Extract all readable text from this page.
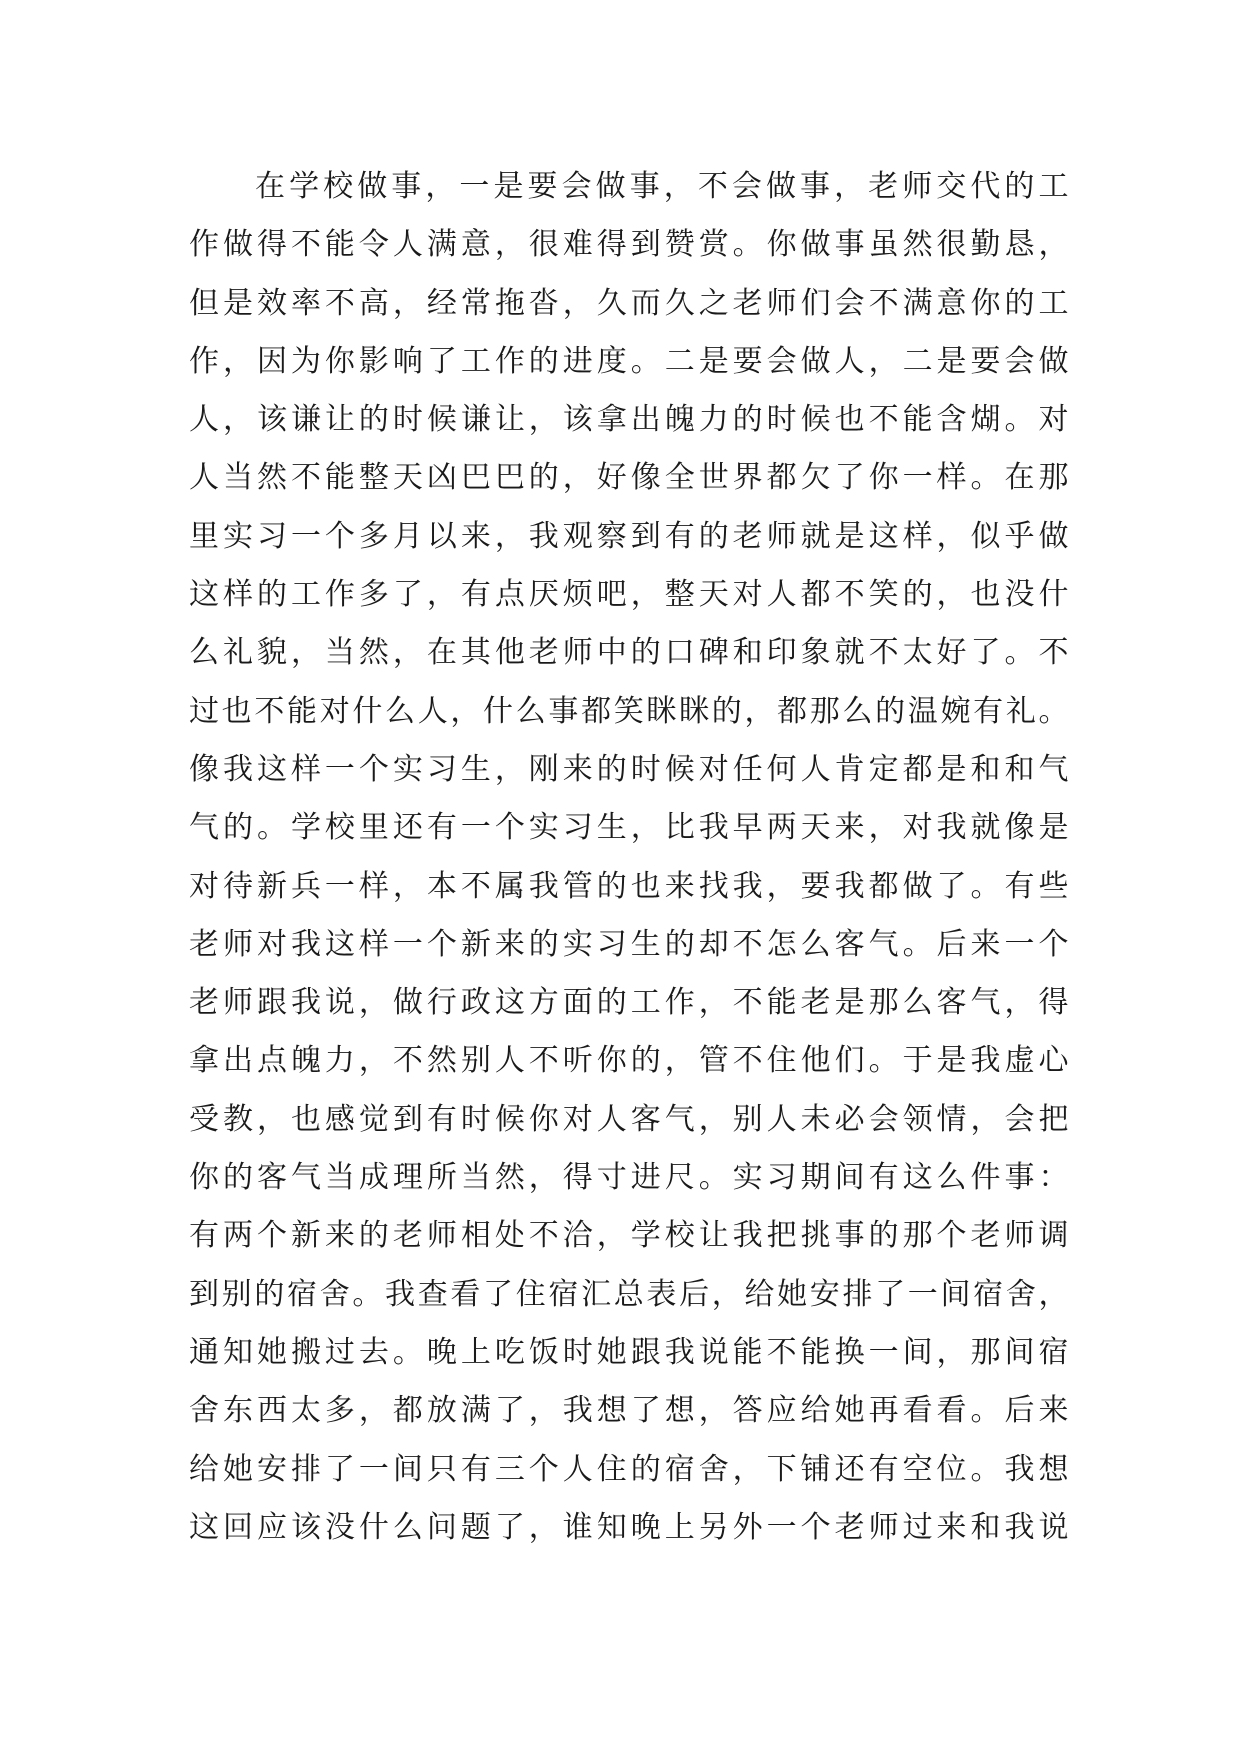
在学校做事，一是要会做事，不会做事，老师交代的工
作做得不能令人满意，很难得到赞赏。你做事虽然很勤恳，
但是效率不高，经常拖沓，久而久之老师们会不满意你的工
作，因为你影响了工作的进度。二是要会做人，二是要会做
人，该谦让的时候谦让，该拿出魄力的时候也不能含煳。对
人当然不能整天凶巴巴的，好像全世界都欠了你一样。在那
里实习一个多月以来，我观察到有的老师就是这样，似乎做
这样的工作多了，有点厌烦吧，整天对人都不笑的，也没什
么礼貌，当然，在其他老师中的口碑和印象就不太好了。不
过也不能对什么人，什么事都笑眯眯的，都那么的温婉有礼。
像我这样一个实习生，刚来的时候对任何人肯定都是和和气
气的。学校里还有一个实习生，比我早两天来，对我就像是
对待新兵一样，本不属我管的也来找我，要我都做了。有些
老师对我这样一个新来的实习生的却不怎么客气。后来一个
老师跟我说，做行政这方面的工作，不能老是那么客气，得
拿出点魄力，不然别人不听你的，管不住他们。于是我虚心
受教，也感觉到有时候你对人客气，别人未必会领情，会把
你的客气当成理所当然，得寸进尺。实习期间有这么件事：
有两个新来的老师相处不洽，学校让我把挑事的那个老师调
到别的宿舍。我查看了住宿汇总表后，给她安排了一间宿舍，
通知她搬过去。晚上吃饭时她跟我说能不能换一间，那间宿
舍东西太多，都放满了，我想了想，答应给她再看看。后来
给她安排了一间只有三个人住的宿舍，下铺还有空位。我想
这回应该没什么问题了，谁知晚上另外一个老师过来和我说
